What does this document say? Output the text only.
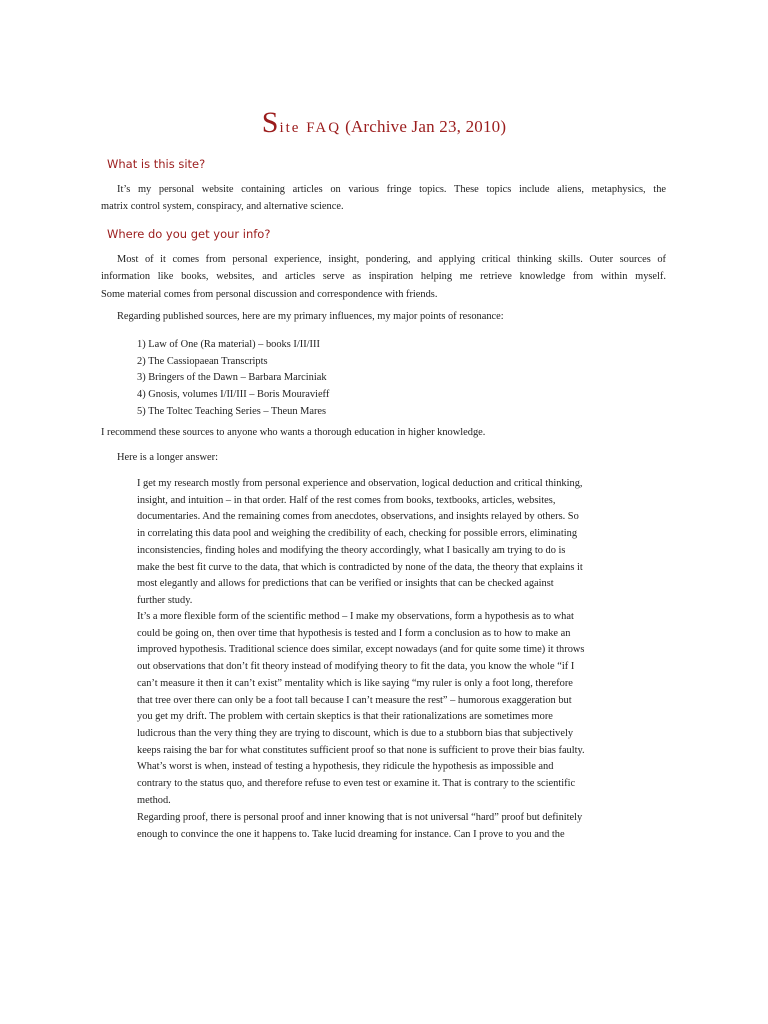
Site FAQ (Archive Jan 23, 2010)
What is this site?
It’s my personal website containing articles on various fringe topics. These topics include aliens, metaphysics, the
matrix control system, conspiracy, and alternative science.
Where do you get your info?
Most of it comes from personal experience, insight, pondering, and applying critical thinking skills. Outer sources of
information like books, websites, and articles serve as inspiration helping me retrieve knowledge from within myself.
Some material comes from personal discussion and correspondence with friends.
Regarding published sources, here are my primary influences, my major points of resonance:
1) Law of One (Ra material) – books I/II/III
2) The Cassiopaean Transcripts
3) Bringers of the Dawn – Barbara Marciniak
4) Gnosis, volumes I/II/III – Boris Mouravieff
5) The Toltec Teaching Series – Theun Mares
I recommend these sources to anyone who wants a thorough education in higher knowledge.
Here is a longer answer:
I get my research mostly from personal experience and observation, logical deduction and critical thinking,
insight, and intuition – in that order. Half of the rest comes from books, textbooks, articles, websites,
documentaries. And the remaining comes from anecdotes, observations, and insights relayed by others. So
in correlating this data pool and weighing the credibility of each, checking for possible errors, eliminating
inconsistencies, finding holes and modifying the theory accordingly, what I basically am trying to do is
make the best fit curve to the data, that which is contradicted by none of the data, the theory that explains it
most elegantly and allows for predictions that can be verified or insights that can be checked against
further study.
It’s a more flexible form of the scientific method – I make my observations, form a hypothesis as to what
could be going on, then over time that hypothesis is tested and I form a conclusion as to how to make an
improved hypothesis. Traditional science does similar, except nowadays (and for quite some time) it throws
out observations that don’t fit theory instead of modifying theory to fit the data, you know the whole “if I
can’t measure it then it can’t exist” mentality which is like saying “my ruler is only a foot long, therefore
that tree over there can only be a foot tall because I can’t measure the rest” – humorous exaggeration but
you get my drift. The problem with certain skeptics is that their rationalizations are sometimes more
ludicrous than the very thing they are trying to discount, which is due to a stubborn bias that subjectively
keeps raising the bar for what constitutes sufficient proof so that none is sufficient to prove their bias faulty.
What’s worst is when, instead of testing a hypothesis, they ridicule the hypothesis as impossible and
contrary to the status quo, and therefore refuse to even test or examine it. That is contrary to the scientific
method.
Regarding proof, there is personal proof and inner knowing that is not universal “hard” proof but definitely
enough to convince the one it happens to. Take lucid dreaming for instance. Can I prove to you and the
